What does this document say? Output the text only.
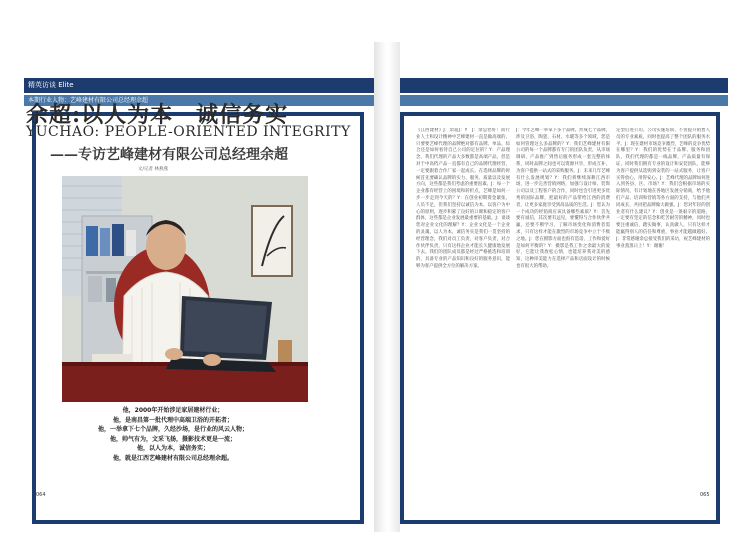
精英访谈 Elite
本期行业人物：艺峰建材有限公司总经理余超
余超:以人为本　诚信务实
YUCHAO: PEOPLE-ORIENTED INTEGRITY
——专访艺峰建材有限公司总经理余超
文/记者 林燕燕
他，2000年开始涉足家居建材行业；
他，是南昌第一批代理中高端卫浴的开拓者；
他，一举拿下七个品牌，久经沙场，是行业的风云人物；
他，帅气有为，文采飞扬，摄影技术更是一流；
他，以人为本，诚信务实；
他，就是江西艺峰建材有限公司总经理余超。
《江西建材》J：余超J：Y　J：余总您好！而行业人士和设计精神中艺峰建材一直是做高端的，只要要艺峰代理的品牌绝对都有品牌、单品、综合还是如何看待自己公司的定位的？Y：产品理念、我们代理的产品大多数都是高端产品，但是对于中高档产品一直都有自己的品牌代理经营，一定要跟着合作厂家一起成长。在选择品牌的时候首先要确认品牌的实力、服务、质量以及发展方向，这些都是我们考虑的重要因素。J：每一个企业都有经营上的困境和转折点，艺峰是如何一步一步走到今天的？Y：在创业初期资金紧张、人员不足，但我们坚持以诚信为本，以客户为中心的原则，逐步积累了良好的口碑和稳定的客户群体，这些都是企业发展最重要的基础。J：谈谈您对企业文化的理解？Y：企业文化是一个企业的灵魂，以人为本，诚信务实是我们一贯坚持的经营理念，我们对员工负责，对客户负责，对合作伙伴负责，只有这样企业才能长久健康地发展下去。我们的团队成员都是经过严格挑选和培训的，具备专业的产品知识和良好的服务意识，能够为客户提供全方位的解决方案。
J：今年艺峰一举拿下多个品牌，形成七个品牌，涉及卫浴、陶瓷、石材、水暖等多个领域，您是如何管理这么多品牌的？Y：我们艺峰建材有限公司的每一个品牌都有专门的团队负责，从市场调研、产品推广到售后服务形成一套完整的体系，同时品牌之间也可以资源共享，形成互补，为客户提供一站式的采购服务。J：未来几年艺峰有什么发展规划？Y：我们将继续深耕江西市场，进一步完善营销网络，加强与设计师、装饰公司以及工程客户的合作，同时也会引进更多优秀的国际品牌，把最好的产品带给江西的消费者，让更多家庭享受到高品质的生活。J：您认为一个成功的经销商应该具备哪些素质？Y：首先要有诚信，其次要有远见，要懂得与合作伙伴共赢，还要不断学习，了解市场变化和消费者需求，只有这样才能在激烈的市场竞争中立于不败之地。J：您在摄影方面也很有造诣，工作和爱好是如何平衡的？Y：摄影是我工作之余最大的爱好，它能让我放松心情，也能培养我对美的感知，这种审美能力在选择产品和店面设计的时候也有很大的帮助。
定型后进公司、公司实施培训、不但提升销售人员的专业素质，同时也提高了整个团队的服务水平。J：现在建材市场竞争激烈，艺峰的竞争优势在哪里？Y：我们的优势在于品牌、服务和团队，我们代理的都是一线品牌，产品质量有保证，同时我们拥有专业的设计和安装团队，能够为客户提供从选购到安装的一站式服务，让客户买得放心、用得安心。J：艺峰代理的品牌如何进入到各县、区、市场？Y：我们会根据市场的实际情况，有计划地在各地区发展分销商，给予他们产品、培训和营销等各方面的支持，与他们共同成长，共同把品牌做大做强。J：您对年轻的创业者有什么建议？Y：创业是一条艰辛的道路，一定要有坚定的信念和吃苦耐劳的精神，同时也要注重诚信，踏实做事，认真做人，只有这样才能赢得别人的信任和尊重，事业才能越做越好。J：非常感谢余总接受我们的采访，祝艺峰建材的事业蒸蒸日上！Y：谢谢！
064	065
